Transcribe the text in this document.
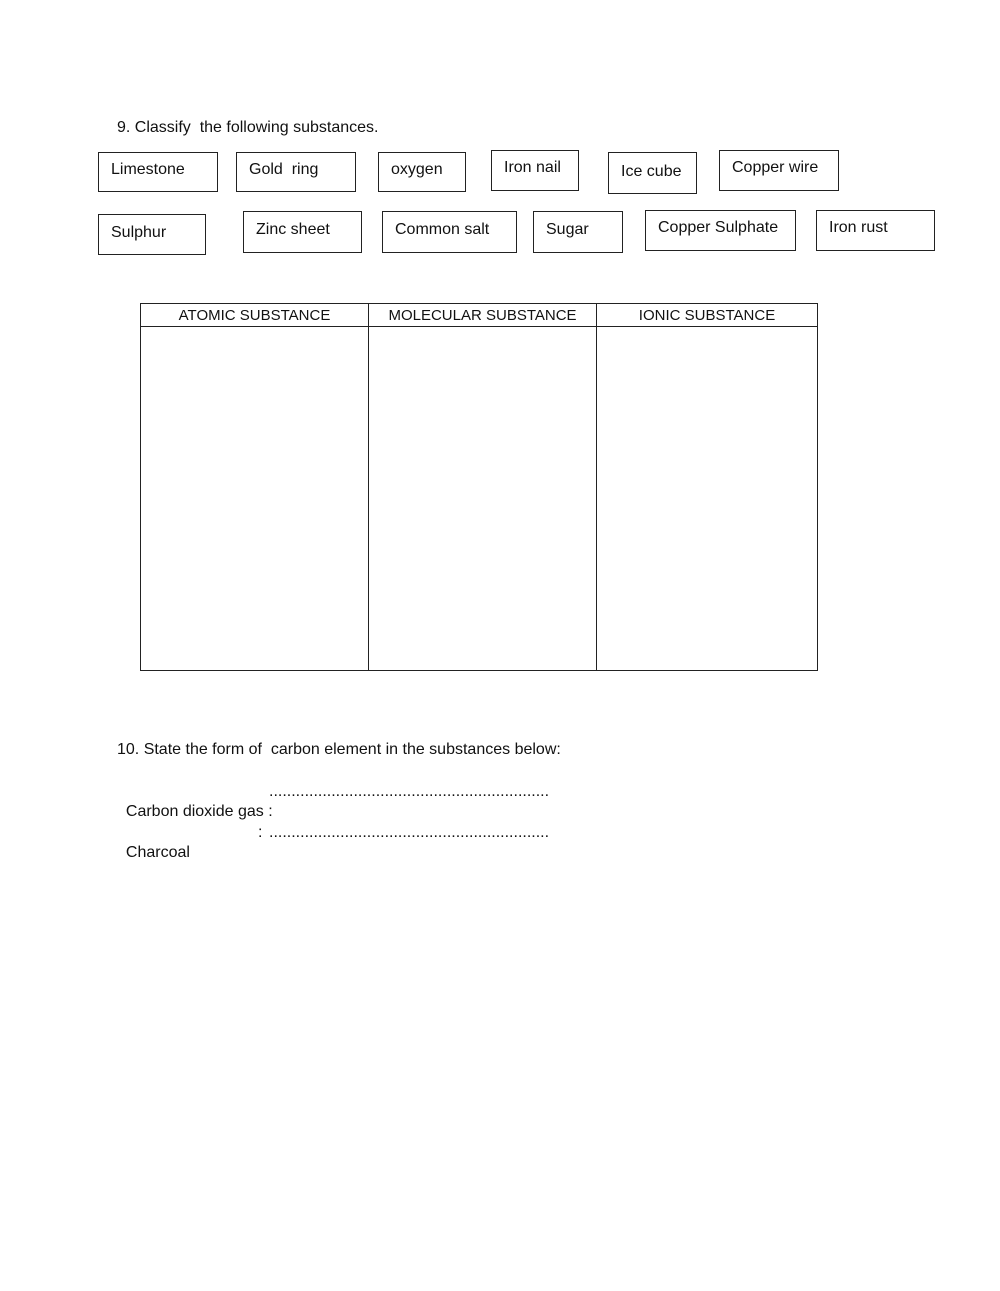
9. Classify  the following substances.
Limestone	Gold  ring	oxygen	Iron nail	Ice cube	Copper wire
Sulphur	Zinc sheet	Common salt	Sugar	Copper Sulphate	Iron rust
ATOMIC SUBSTANCE	MOLECULAR SUBSTANCE	IONIC SUBSTANCE

10. State the form of  carbon element in the substances below:

Carbon dioxide gas :

...............................................................

Charcoal

:

...............................................................
